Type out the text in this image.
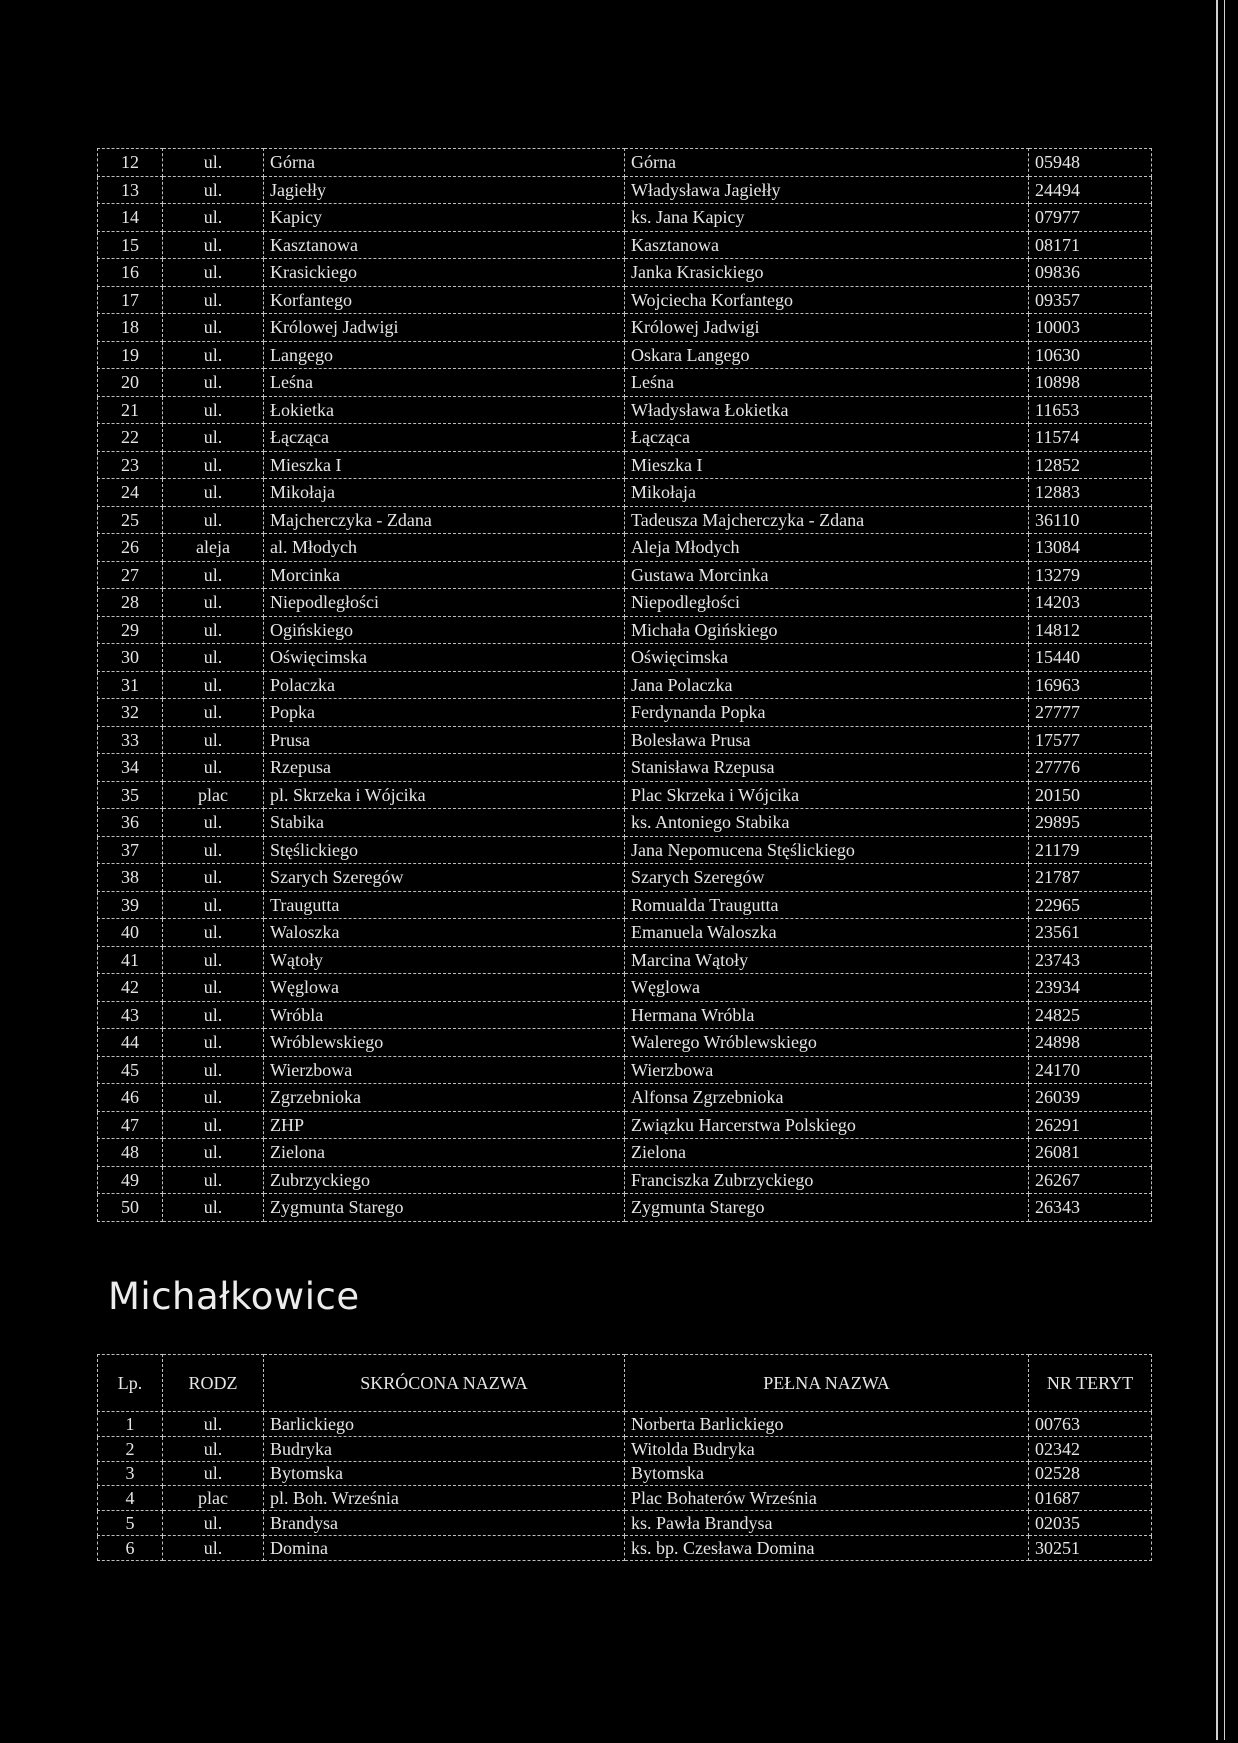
12	ul.	Górna	Górna	05948
13	ul.	Jagiełły	Władysława Jagiełły	24494
14	ul.	Kapicy	ks. Jana Kapicy	07977
15	ul.	Kasztanowa	Kasztanowa	08171
16	ul.	Krasickiego	Janka Krasickiego	09836
17	ul.	Korfantego	Wojciecha Korfantego	09357
18	ul.	Królowej Jadwigi	Królowej Jadwigi	10003
19	ul.	Langego	Oskara Langego	10630
20	ul.	Leśna	Leśna	10898
21	ul.	Łokietka	Władysława Łokietka	11653
22	ul.	Łącząca	Łącząca	11574
23	ul.	Mieszka I	Mieszka I	12852
24	ul.	Mikołaja	Mikołaja	12883
25	ul.	Majcherczyka - Zdana	Tadeusza Majcherczyka - Zdana	36110
26	aleja	al. Młodych	Aleja Młodych	13084
27	ul.	Morcinka	Gustawa Morcinka	13279
28	ul.	Niepodległości	Niepodległości	14203
29	ul.	Ogińskiego	Michała Ogińskiego	14812
30	ul.	Oświęcimska	Oświęcimska	15440
31	ul.	Polaczka	Jana Polaczka	16963
32	ul.	Popka	Ferdynanda Popka	27777
33	ul.	Prusa	Bolesława Prusa	17577
34	ul.	Rzepusa	Stanisława Rzepusa	27776
35	plac	pl. Skrzeka i Wójcika	Plac Skrzeka i Wójcika	20150
36	ul.	Stabika	ks. Antoniego Stabika	29895
37	ul.	Stęślickiego	Jana Nepomucena Stęślickiego	21179
38	ul.	Szarych Szeregów	Szarych Szeregów	21787
39	ul.	Traugutta	Romualda Traugutta	22965
40	ul.	Waloszka	Emanuela Waloszka	23561
41	ul.	Wątoły	Marcina Wątoły	23743
42	ul.	Węglowa	Węglowa	23934
43	ul.	Wróbla	Hermana Wróbla	24825
44	ul.	Wróblewskiego	Walerego Wróblewskiego	24898
45	ul.	Wierzbowa	Wierzbowa	24170
46	ul.	Zgrzebnioka	Alfonsa Zgrzebnioka	26039
47	ul.	ZHP	Związku Harcerstwa Polskiego	26291
48	ul.	Zielona	Zielona	26081
49	ul.	Zubrzyckiego	Franciszka Zubrzyckiego	26267
50	ul.	Zygmunta Starego	Zygmunta Starego	26343
Michałkowice
Lp.	RODZ	SKRÓCONA NAZWA	PEŁNA NAZWA	NR TERYT
1	ul.	Barlickiego	Norberta Barlickiego	00763
2	ul.	Budryka	Witolda Budryka	02342
3	ul.	Bytomska	Bytomska	02528
4	plac	pl. Boh. Września	Plac Bohaterów Września	01687
5	ul.	Brandysa	ks. Pawła Brandysa	02035
6	ul.	Domina	ks. bp. Czesława Domina	30251
